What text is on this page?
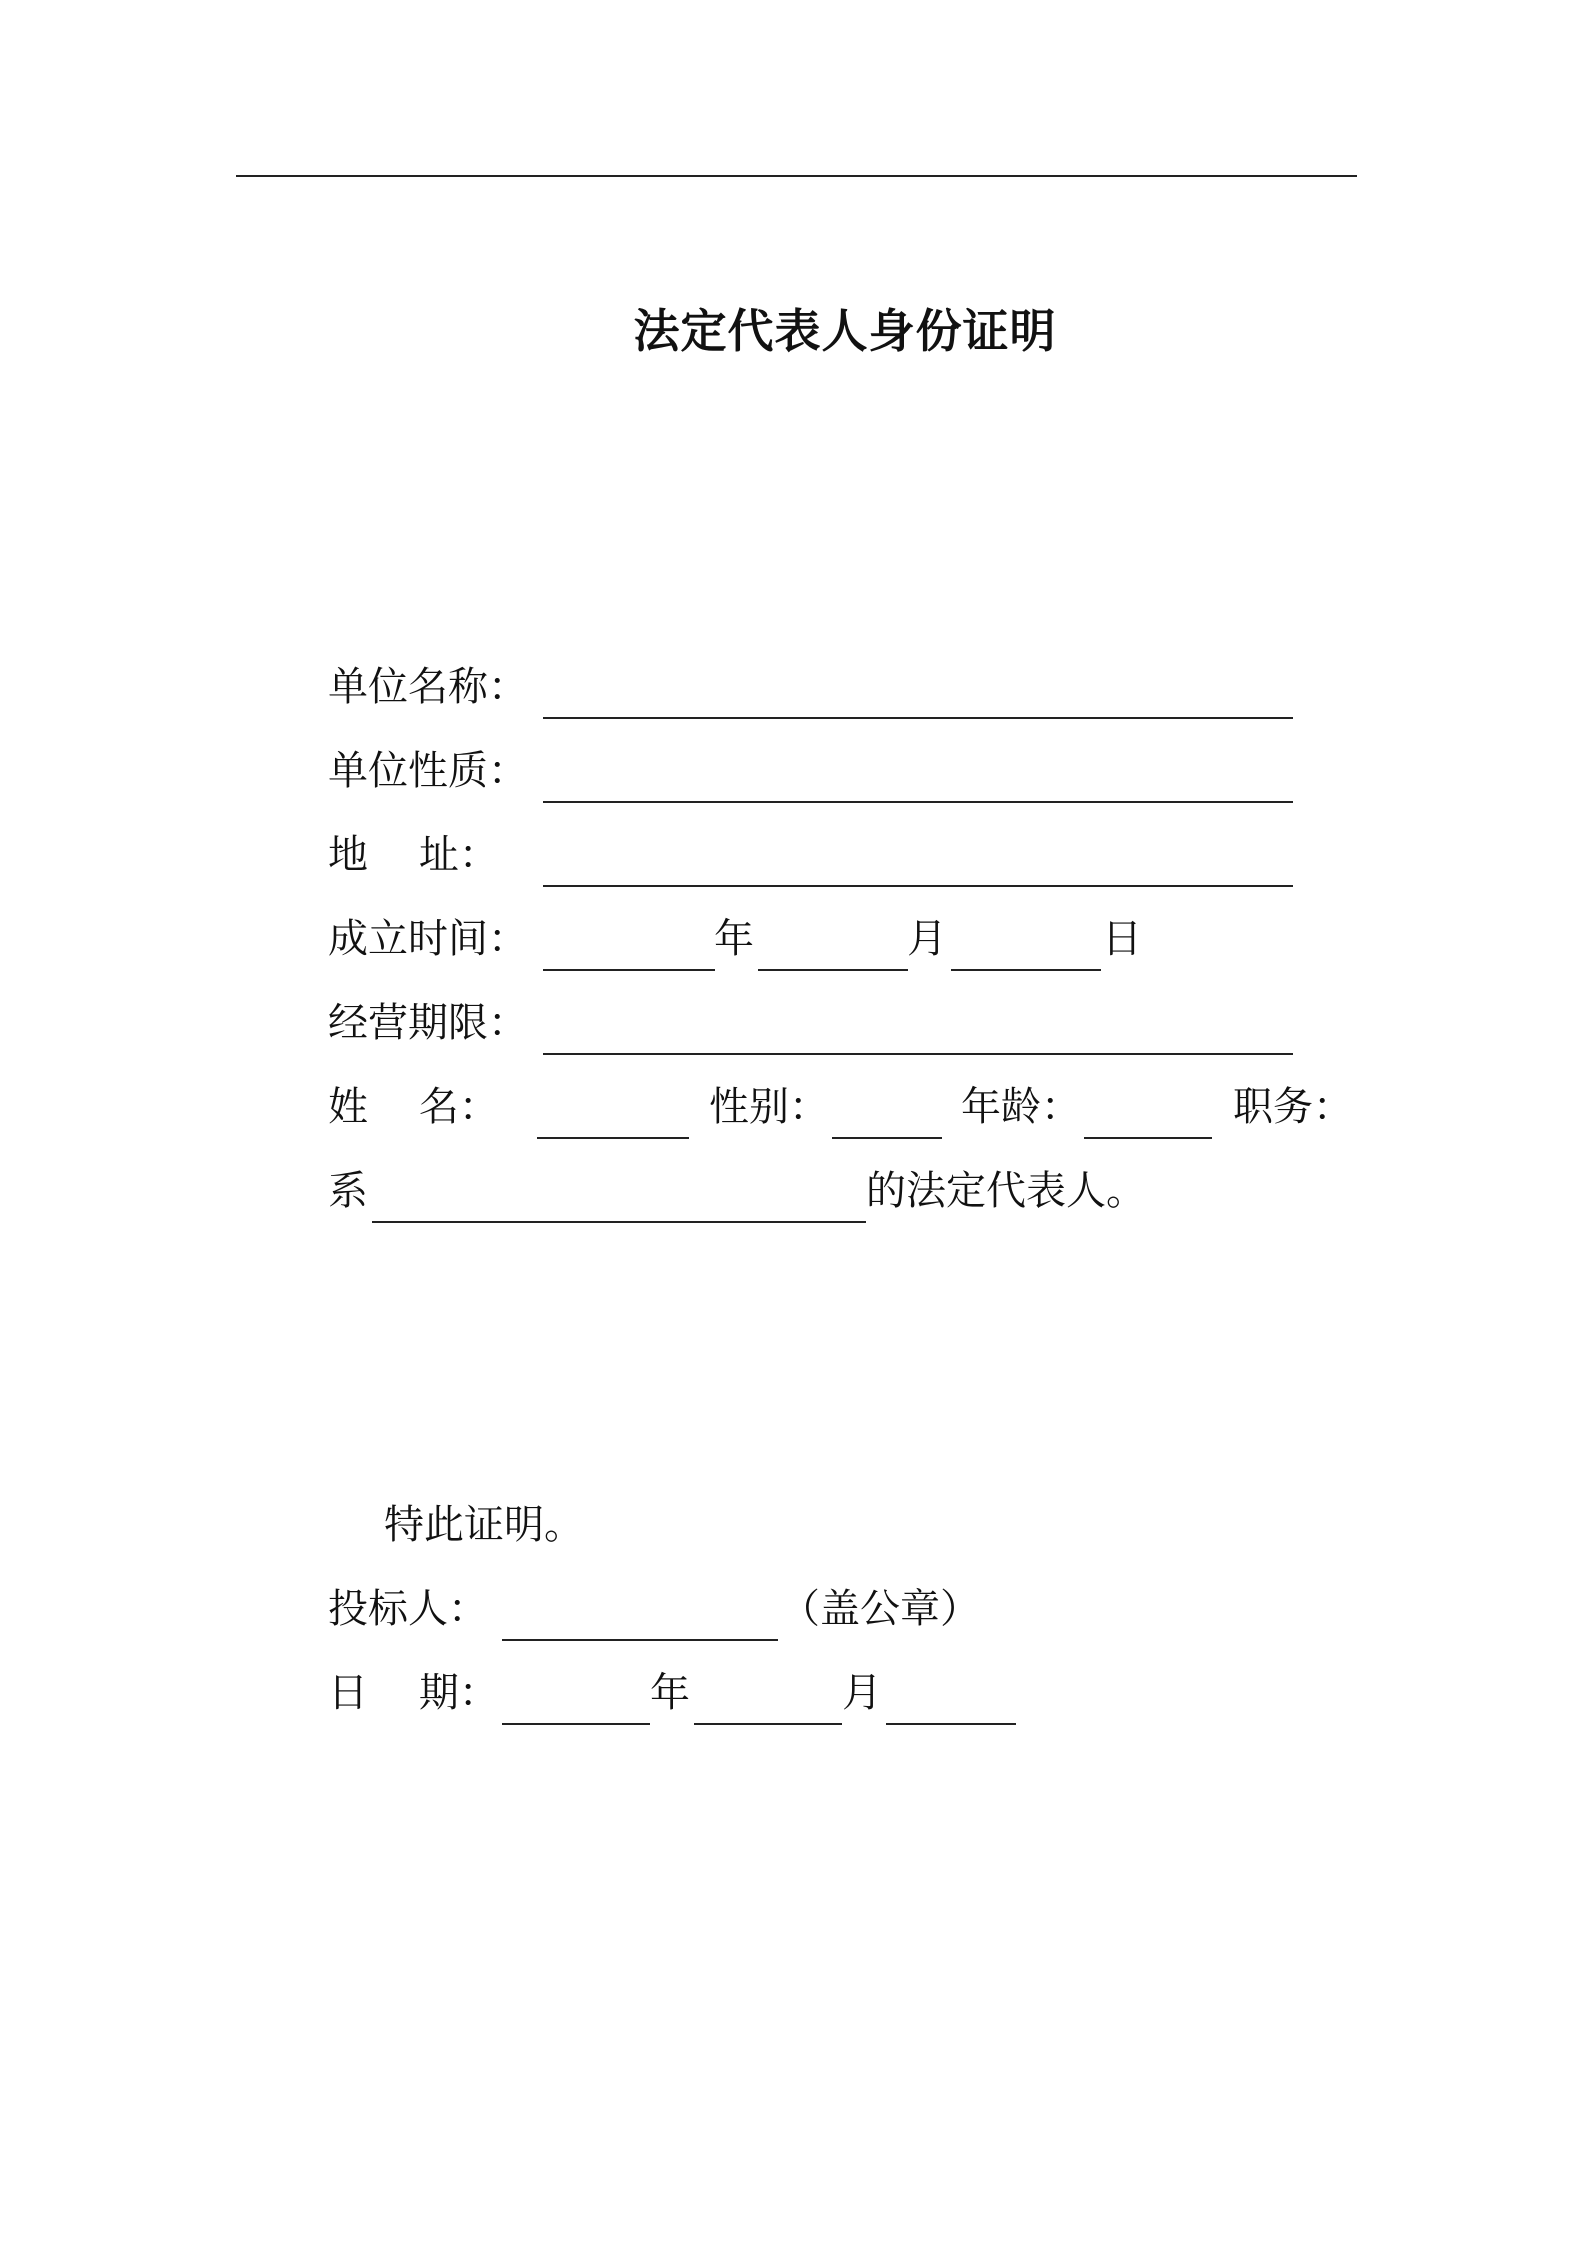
法定代表人身份证明
单位名称：
单位性质：
地    址：
成立时间：	年	月	日
经营期限：
姓    名：	性别：	年龄：	职务：
系	的法定代表人。
特此证明。
投标人：	（盖公章）
日    期：	年	月
